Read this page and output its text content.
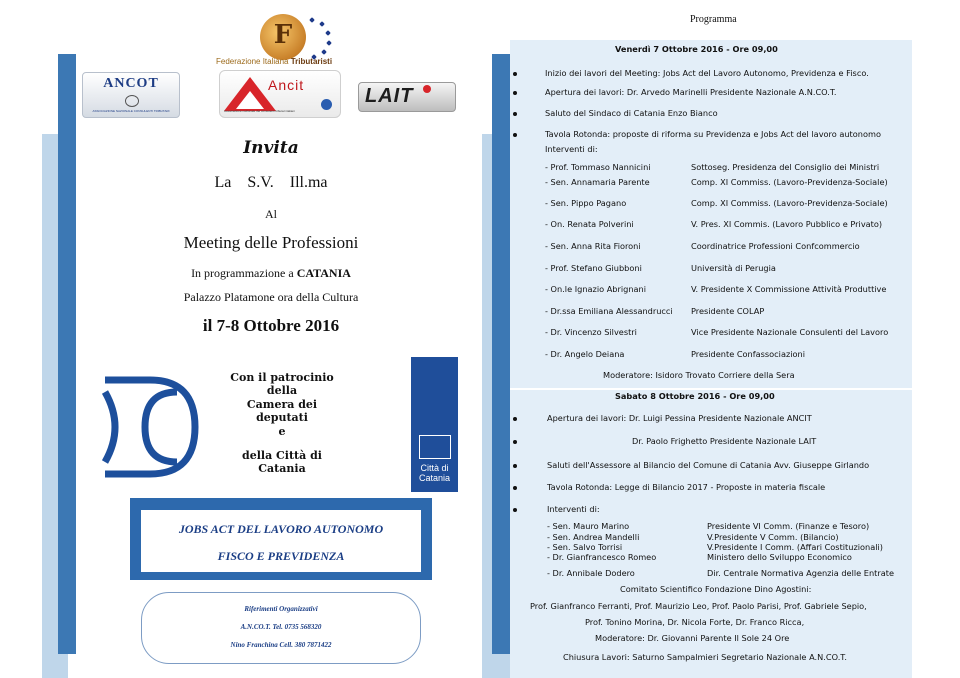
F
Federazione Italiana Tributaristi
ANCOT
ASSOCIAZIONE NAZIONALE CONSULENTI TRIBUTARI
Ancit
Associazione nazionale dei consulenti tributari italiani
LAIT
Invita
La S.V. Ill.ma
Al
Meeting delle Professioni
In programmazione a CATANIA
Palazzo Platamone ora della Cultura
il 7-8 Ottobre 2016
Con il patrocinio della
Camera dei deputati
e
della Città di Catania	Città di
Catania
JOBS ACT DEL LAVORO AUTONOMO
FISCO E PREVIDENZA
Riferimenti Organizzativi
A.N.CO.T. Tel. 0735 568320
Nino Franchina Cell. 380 7871422
Programma
Venerdì 7 Ottobre 2016 - Ore 09,00
Inizio dei lavori del Meeting: Jobs Act del Lavoro Autonomo, Previdenza e Fisco.
Apertura dei lavori: Dr. Arvedo Marinelli Presidente Nazionale A.N.CO.T.
Saluto del Sindaco di Catania Enzo Bianco
Tavola Rotonda: proposte di riforma su Previdenza e Jobs Act del lavoro autonomo
Interventi di:
- Prof. Tommaso Nannicini	Sottoseg. Presidenza del Consiglio dei Ministri
- Sen. Annamaria Parente	Comp. XI Commiss. (Lavoro-Previdenza-Sociale)
- Sen. Pippo Pagano	Comp. XI Commiss. (Lavoro-Previdenza-Sociale)
- On. Renata Polverini	V. Pres. XI Commis. (Lavoro Pubblico e Privato)
- Sen. Anna Rita Fioroni	Coordinatrice Professioni Confcommercio
- Prof. Stefano Giubboni	Università di Perugia
- On.le Ignazio Abrignani	V. Presidente X Commissione Attività Produttive
- Dr.ssa Emiliana Alessandrucci Presidente COLAP
- Dr. Vincenzo Silvestri	Vice Presidente Nazionale Consulenti del Lavoro
- Dr. Angelo Deiana	Presidente Confassociazioni
Moderatore: Isidoro Trovato Corriere della Sera
Sabato 8 Ottobre 2016 - Ore 09,00
Apertura dei lavori: Dr. Luigi Pessina Presidente Nazionale ANCIT
Dr. Paolo Frighetto Presidente Nazionale LAIT
Saluti dell'Assessore al Bilancio del Comune di Catania Avv. Giuseppe Girlando
Tavola Rotonda: Legge di Bilancio 2017 - Proposte in materia fiscale
Interventi di:
- Sen. Mauro Marino	Presidente VI Comm. (Finanze e Tesoro)
- Sen. Andrea Mandelli	V.Presidente V Comm. (Bilancio)
- Sen. Salvo Torrisi	V.Presidente I Comm. (Affari Costituzionali)
- Dr. Gianfrancesco Romeo	Ministero dello Sviluppo Economico
- Dr. Annibale Dodero	Dir. Centrale Normativa Agenzia delle Entrate
Comitato Scientifico Fondazione Dino Agostini:
Prof. Gianfranco Ferranti, Prof. Maurizio Leo, Prof. Paolo Parisi, Prof. Gabriele Sepio,
Prof. Tonino Morina, Dr. Nicola Forte, Dr. Franco Ricca,
Moderatore: Dr. Giovanni Parente Il Sole 24 Ore
Chiusura Lavori: Saturno Sampalmieri Segretario Nazionale A.N.CO.T.
